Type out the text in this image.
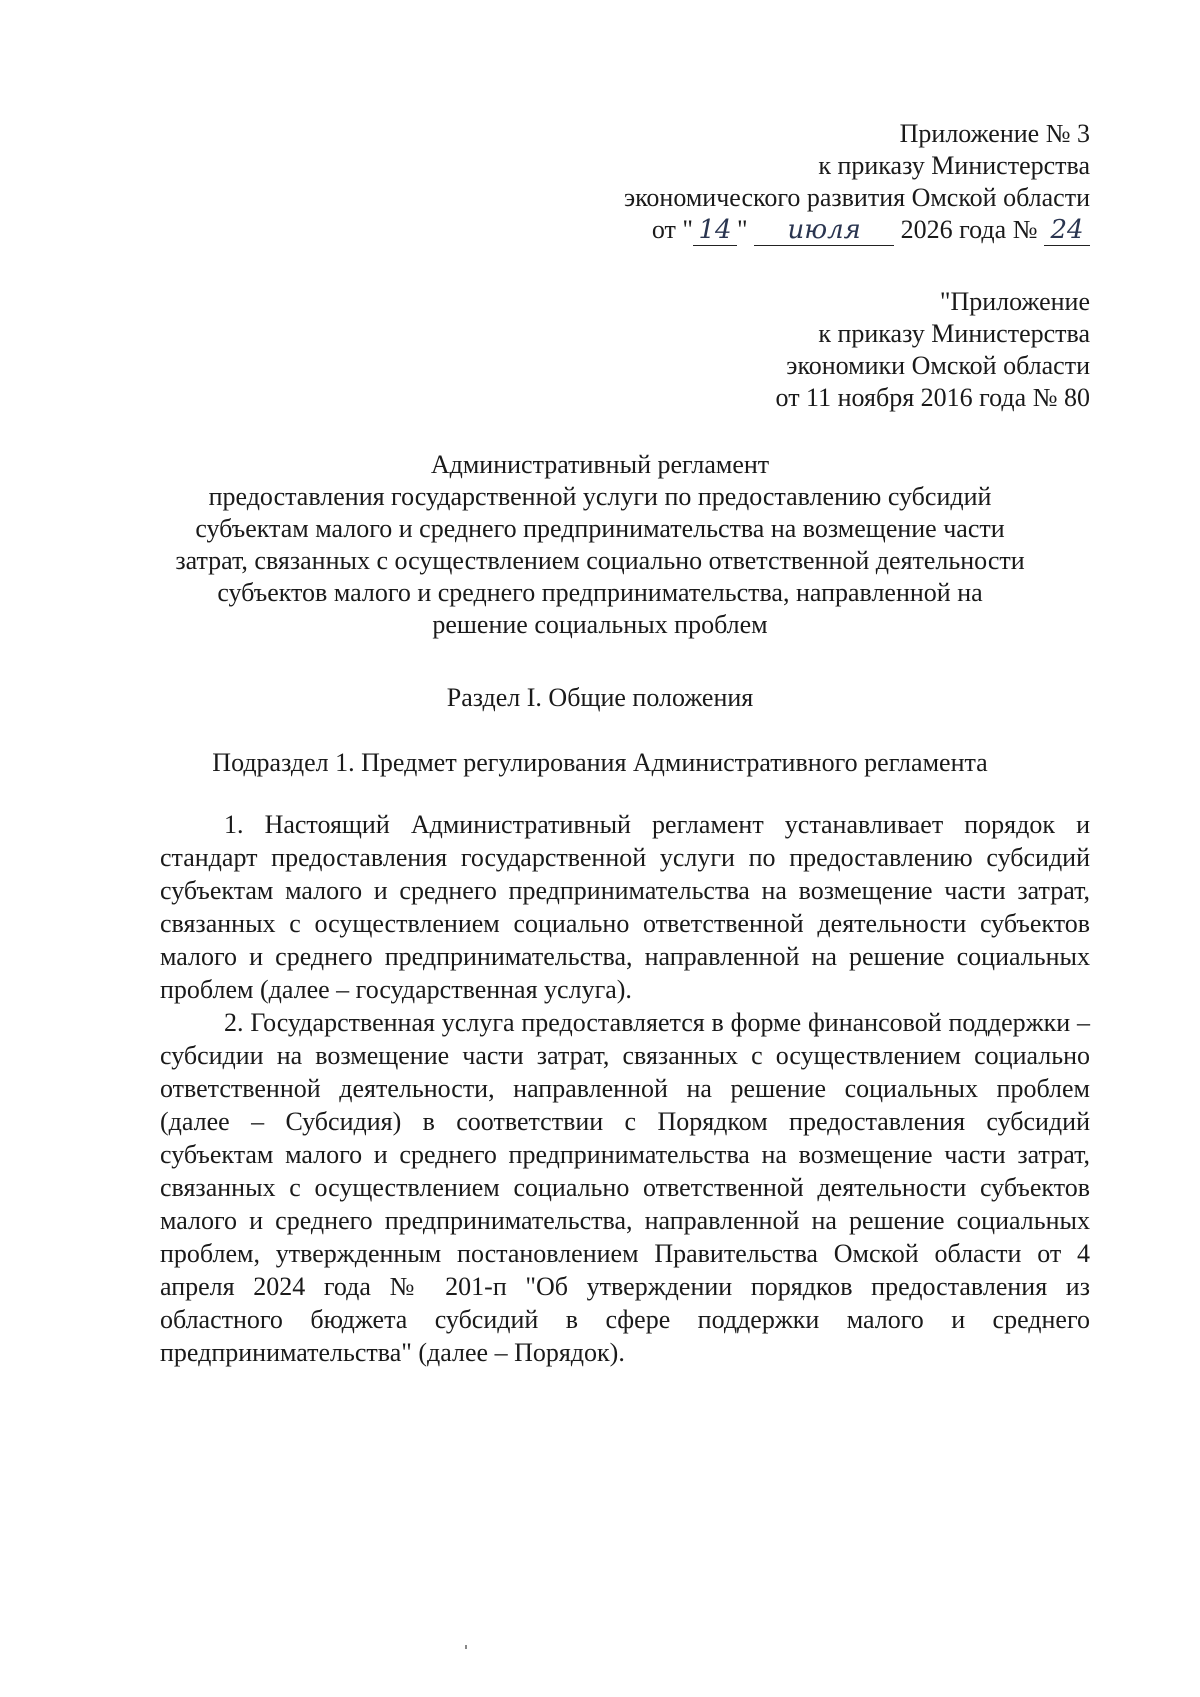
Приложение № 3
к приказу Министерства
экономического развития Омской области
от " 14 " июля 2026 года № 24
"Приложение
к приказу Министерства
экономики Омской области
от 11 ноября 2016 года № 80
Административный регламент
предоставления государственной услуги по предоставлению субсидий
субъектам малого и среднего предпринимательства на возмещение части
затрат, связанных с осуществлением социально ответственной деятельности
субъектов малого и среднего предпринимательства, направленной на
решение социальных проблем
Раздел I. Общие положения
Подраздел 1. Предмет регулирования Административного регламента

1. Настоящий Административный регламент устанавливает порядок и стандарт предоставления государственной услуги по предоставлению субсидий субъектам малого и среднего предпринимательства на возмещение части затрат, связанных с осуществлением социально ответственной деятельности субъектов малого и среднего предпринимательства, направленной на решение социальных проблем (далее – государственная услуга).

2. Государственная услуга предоставляется в форме финансовой поддержки – субсидии на возмещение части затрат, связанных с осуществлением социально ответственной деятельности, направленной на решение социальных проблем (далее – Субсидия) в соответствии с Порядком предоставления субсидий субъектам малого и среднего предпринимательства на возмещение части затрат, связанных с осуществлением социально ответственной деятельности субъектов малого и среднего предпринимательства, направленной на решение социальных проблем, утвержденным постановлением Правительства Омской области от 4 апреля 2024 года № 201-п "Об утверждении порядков предоставления из областного бюджета субсидий в сфере поддержки малого и среднего предпринимательства" (далее – Порядок).
